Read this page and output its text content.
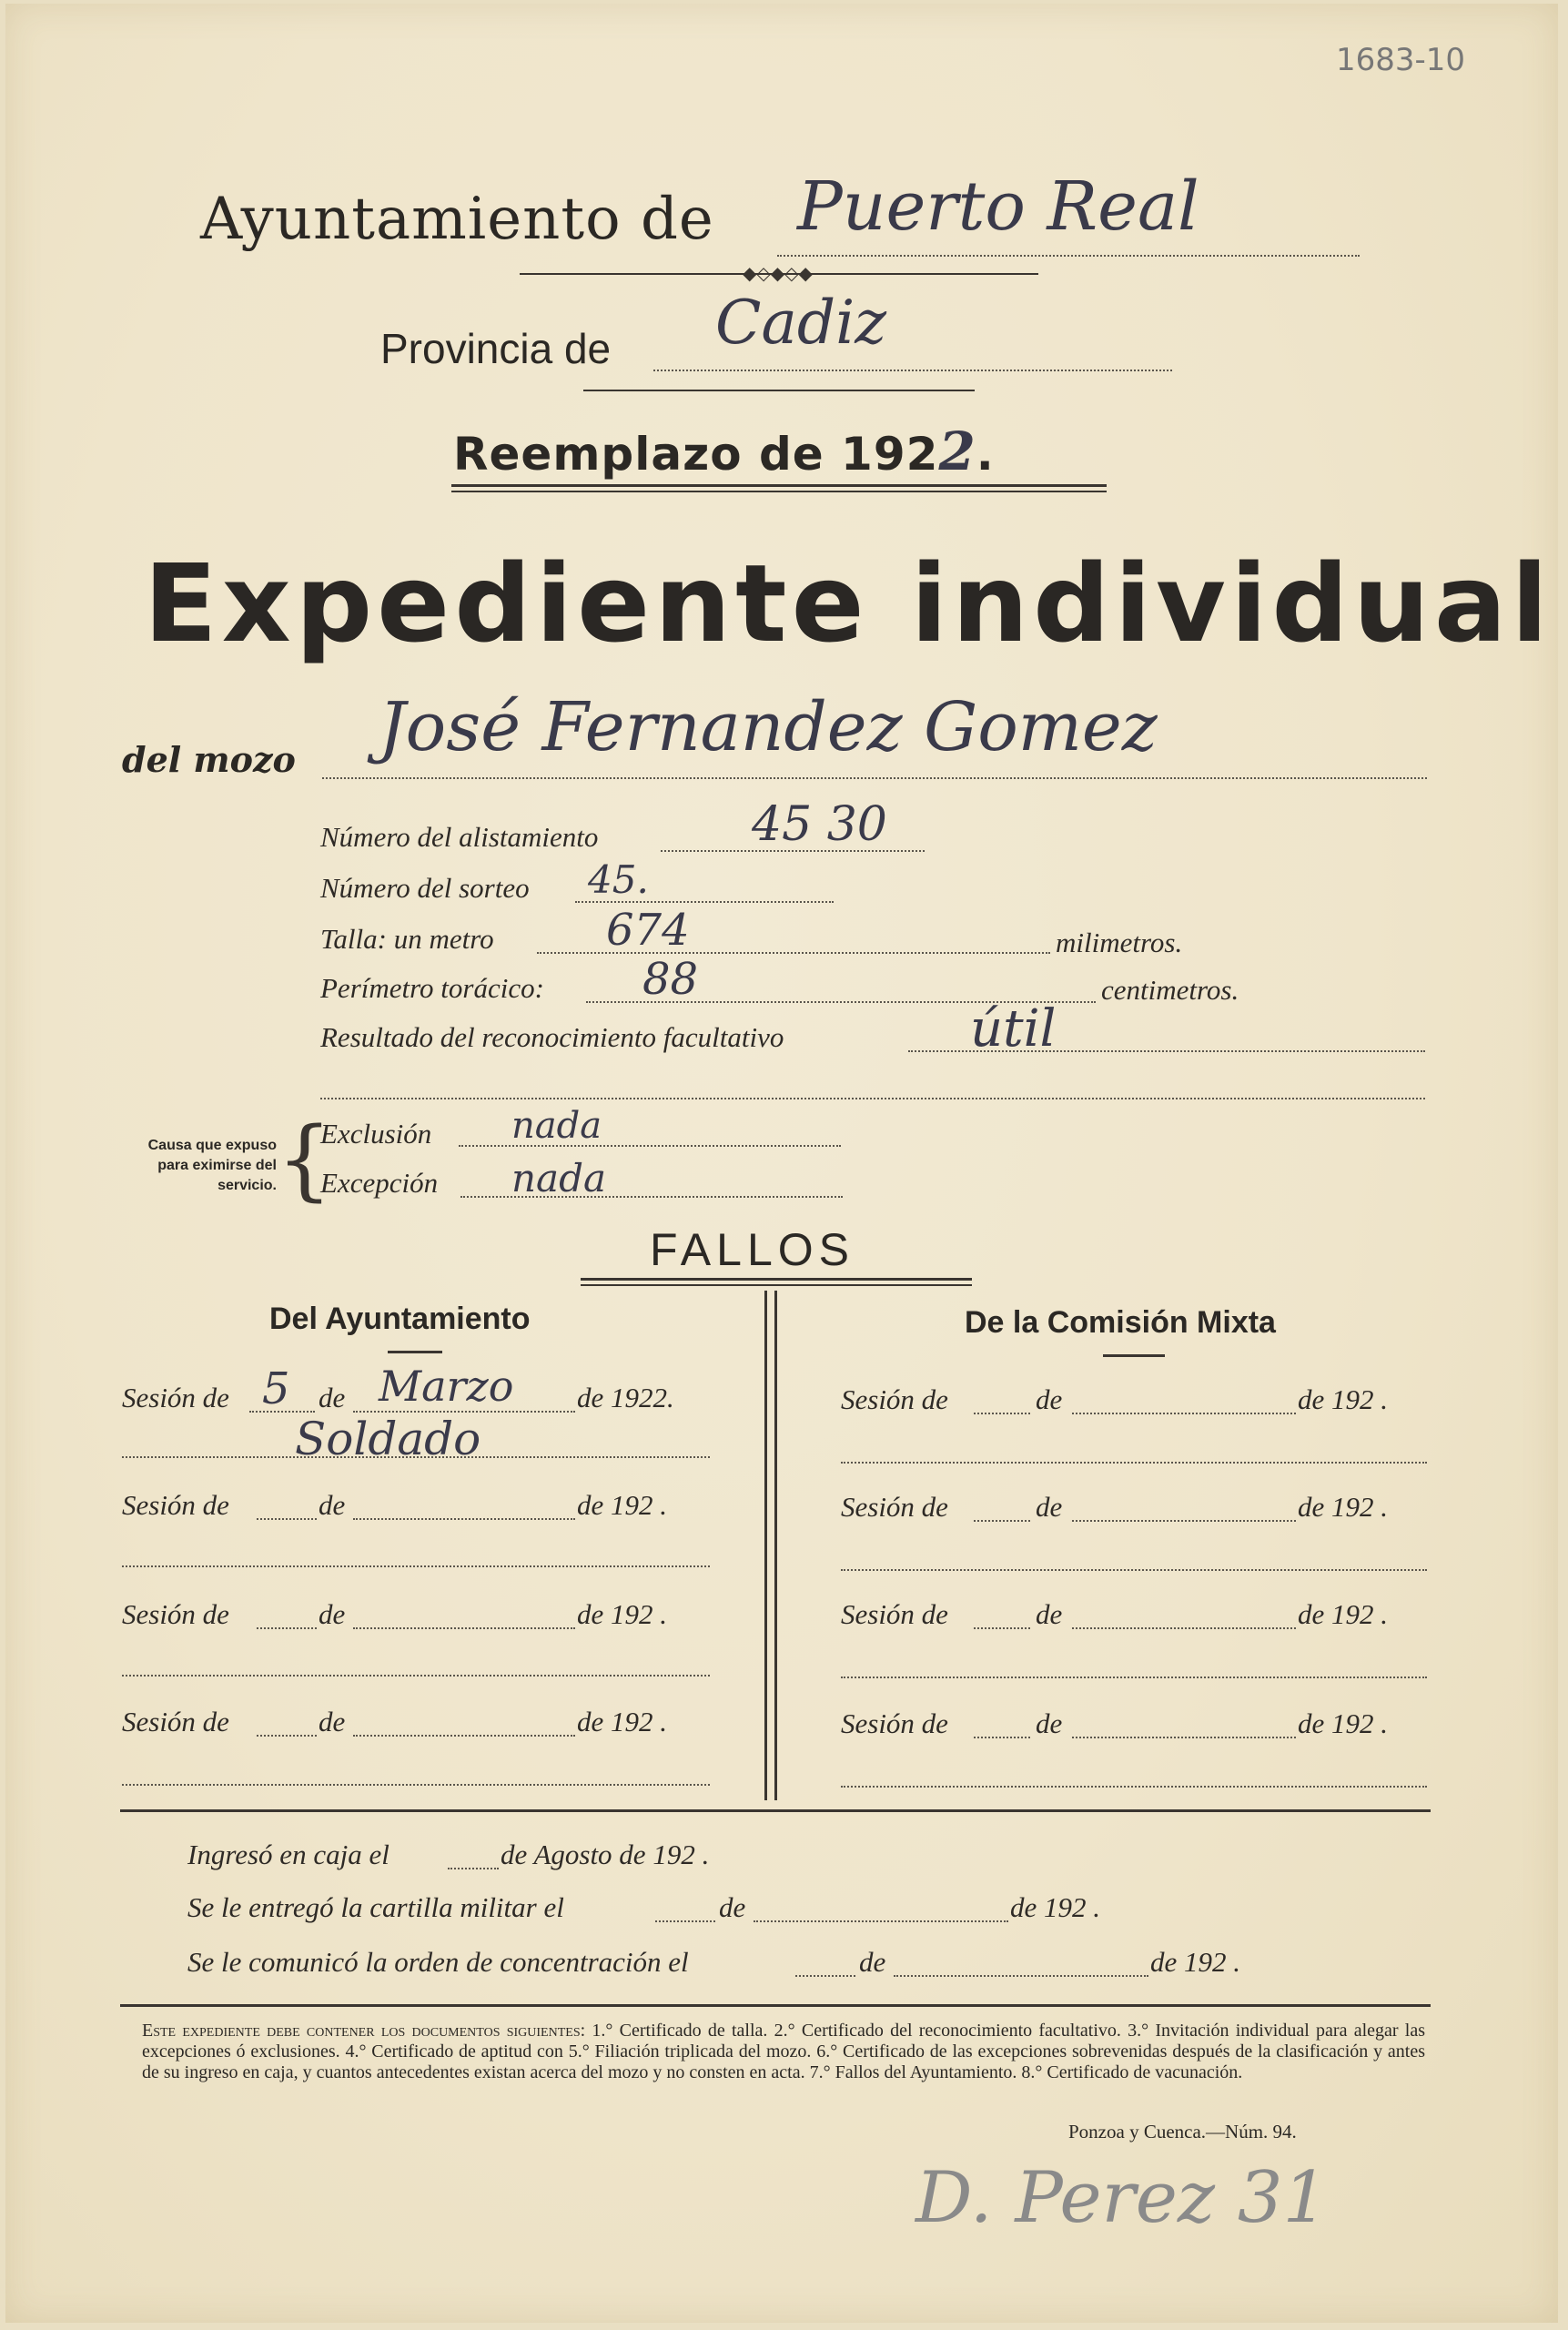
1683-10
Ayuntamiento de Puerto Real
◆◇◆◇◆
Provincia de Cadiz
Reemplazo de 1922.
Expediente individual
del mozo José Fernandez Gomez
Número del alistamiento	45 30
Número del sorteo 45.
Talla: un metro	674	milimetros.
Perímetro torácico: 88	centimetros.
Resultado del reconocimiento facultativo	útil
Causa que expuso para eximirse del servicio. {
Exclusión nada
Excepción nada
FALLOS
Del Ayuntamiento	De la Comisión Mixta
Sesión de 5 de Marzo de 1922.
Soldado
Sesión de	de	de 192 .
Sesión de	de	de 192 .
Sesión de	de	de 192 .
Sesión de	de	de 192 .
Sesión de	de	de 192 .
Sesión de	de	de 192 .
Sesión de	de	de 192 .
Ingresó en caja el	de Agosto de 192 .
Se le entregó la cartilla militar el	de	de 192 .
Se le comunicó la orden de concentración el	de	de 192 .
Este expediente debe contener los documentos siguientes: 1.° Certificado de talla. 2.° Certificado del reconocimiento facultativo. 3.° Invitación individual para alegar las excepciones ó exclusiones. 4.° Certificado de aptitud con 5.° Filiación triplicada del mozo. 6.° Certificado de las excepciones sobrevenidas después de la clasificación y antes de su ingreso en caja, y cuantos antecedentes existan acerca del mozo y no consten en acta. 7.° Fallos del Ayuntamiento. 8.° Certificado de vacunación.
Ponzoa y Cuenca.—Núm. 94.
D. Perez 31
